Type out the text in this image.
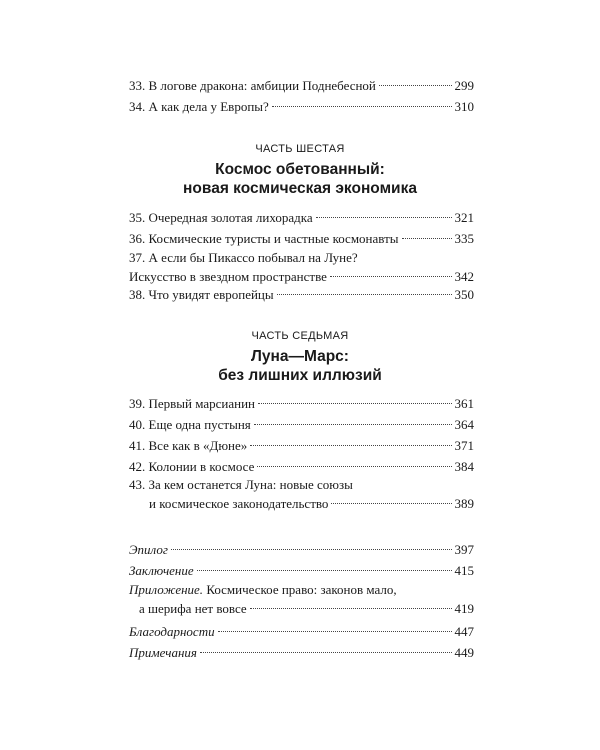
33. В логове дракона: амбиции Поднебесной	299
34. А как дела у Европы?	310
ЧАСТЬ ШЕСТАЯ
Космос обетованный:
новая космическая экономика
35. Очередная золотая лихорадка	321
36. Космические туристы и частные космонавты	335
37. А если бы Пикассо побывал на Луне?
Искусство в звездном пространстве	342
38. Что увидят европейцы	350
ЧАСТЬ СЕДЬМАЯ
Луна—Марс:
без лишних иллюзий
39. Первый марсианин	361
40. Еще одна пустыня	364
41. Все как в «Дюне»	371
42. Колонии в космосе	384
43. За кем останется Луна: новые союзы
и космическое законодательство	389
Эпилог	397
Заключение	415
Приложение. Космическое право: законов мало,
а шерифа нет вовсе	419
Благодарности	447
Примечания	449
